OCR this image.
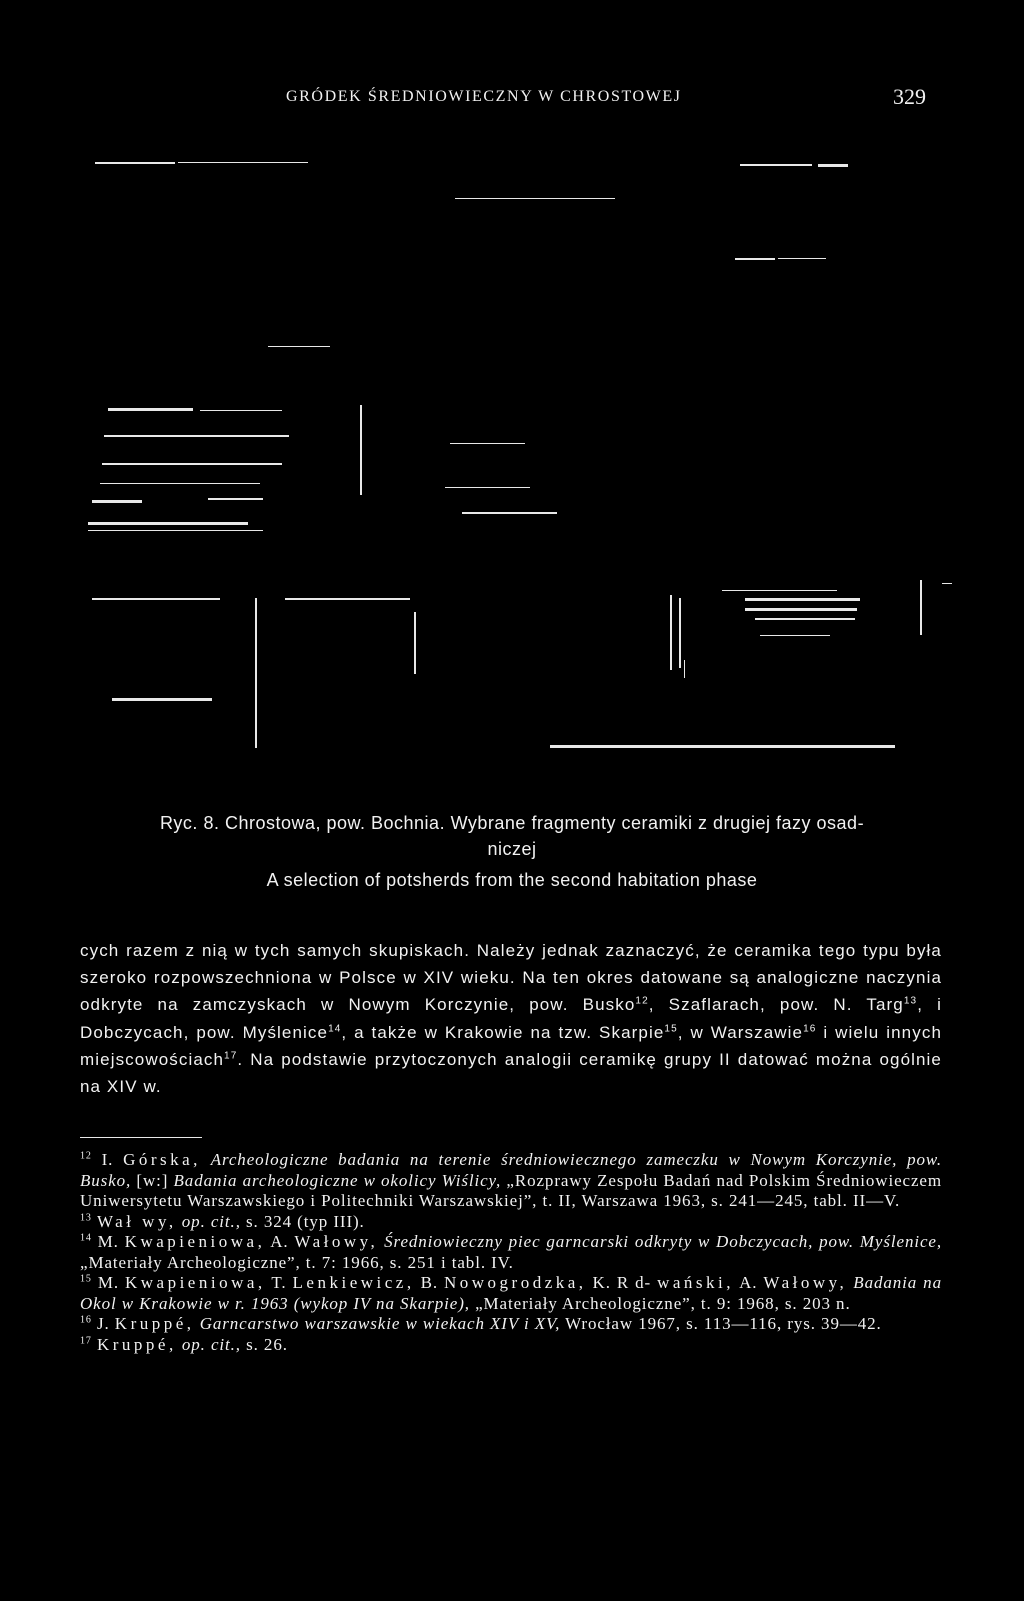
GRÓDEK ŚREDNIOWIECZNY W CHROSTOWEJ	329
Ryc. 8. Chrostowa, pow. Bochnia. Wybrane fragmenty ceramiki z drugiej fazy osad-
niczej
A selection of potsherds from the second habitation phase
cych razem z nią w tych samych skupiskach. Należy jednak zaznaczyć, że ceramika tego typu była szeroko rozpowszechniona w Polsce w XIV wieku. Na ten okres datowane są analogiczne naczynia odkryte na zamczyskach w Nowym Korczynie, pow. Busko$^{12}$, Szaflarach, pow. N. Targ$^{13}$, i Dobczycach, pow. Myślenice$^{14}$, a także w Krakowie na tzw. Skarpie$^{15}$, w Warszawie$^{16}$ i wielu innych miejscowościach$^{17}$. Na podstawie przytoczonych analogii ceramikę grupy II datować można ogólnie na XIV w.

$^{12}$ I. Górska, Archeologiczne badania na terenie średniowiecznego zameczku w Nowym Korczynie, pow. Busko, [w:] Badania archeologiczne w okolicy Wiślicy, „Rozprawy Zespołu Badań nad Polskim Średniowieczem Uniwersytetu Warszawskiego i Politechniki Warszawskiej”, t. II, Warszawa 1963, s. 241—245, tabl. II—V.

$^{13}$ Wał wy, op. cit., s. 324 (typ III).

$^{14}$ M. Kwapieniowa, A. Wałowy, Średniowieczny piec garncarski odkryty w Dobczycach, pow. Myślenice, „Materiały Archeologiczne”, t. 7: 1966, s. 251 i tabl. IV.

$^{15}$ M. Kwapieniowa, T. Lenkiewicz, B. Nowogrodzka, K. R d- wański, A. Wałowy, Badania na Okol w Krakowie w r. 1963 (wykop IV na Skarpie), „Materiały Archeologiczne”, t. 9: 1968, s. 203 n.

$^{16}$ J. Kruppé, Garncarstwo warszawskie w wiekach XIV i XV, Wrocław 1967, s. 113—116, rys. 39—42.

$^{17}$ Kruppé, op. cit., s. 26.
